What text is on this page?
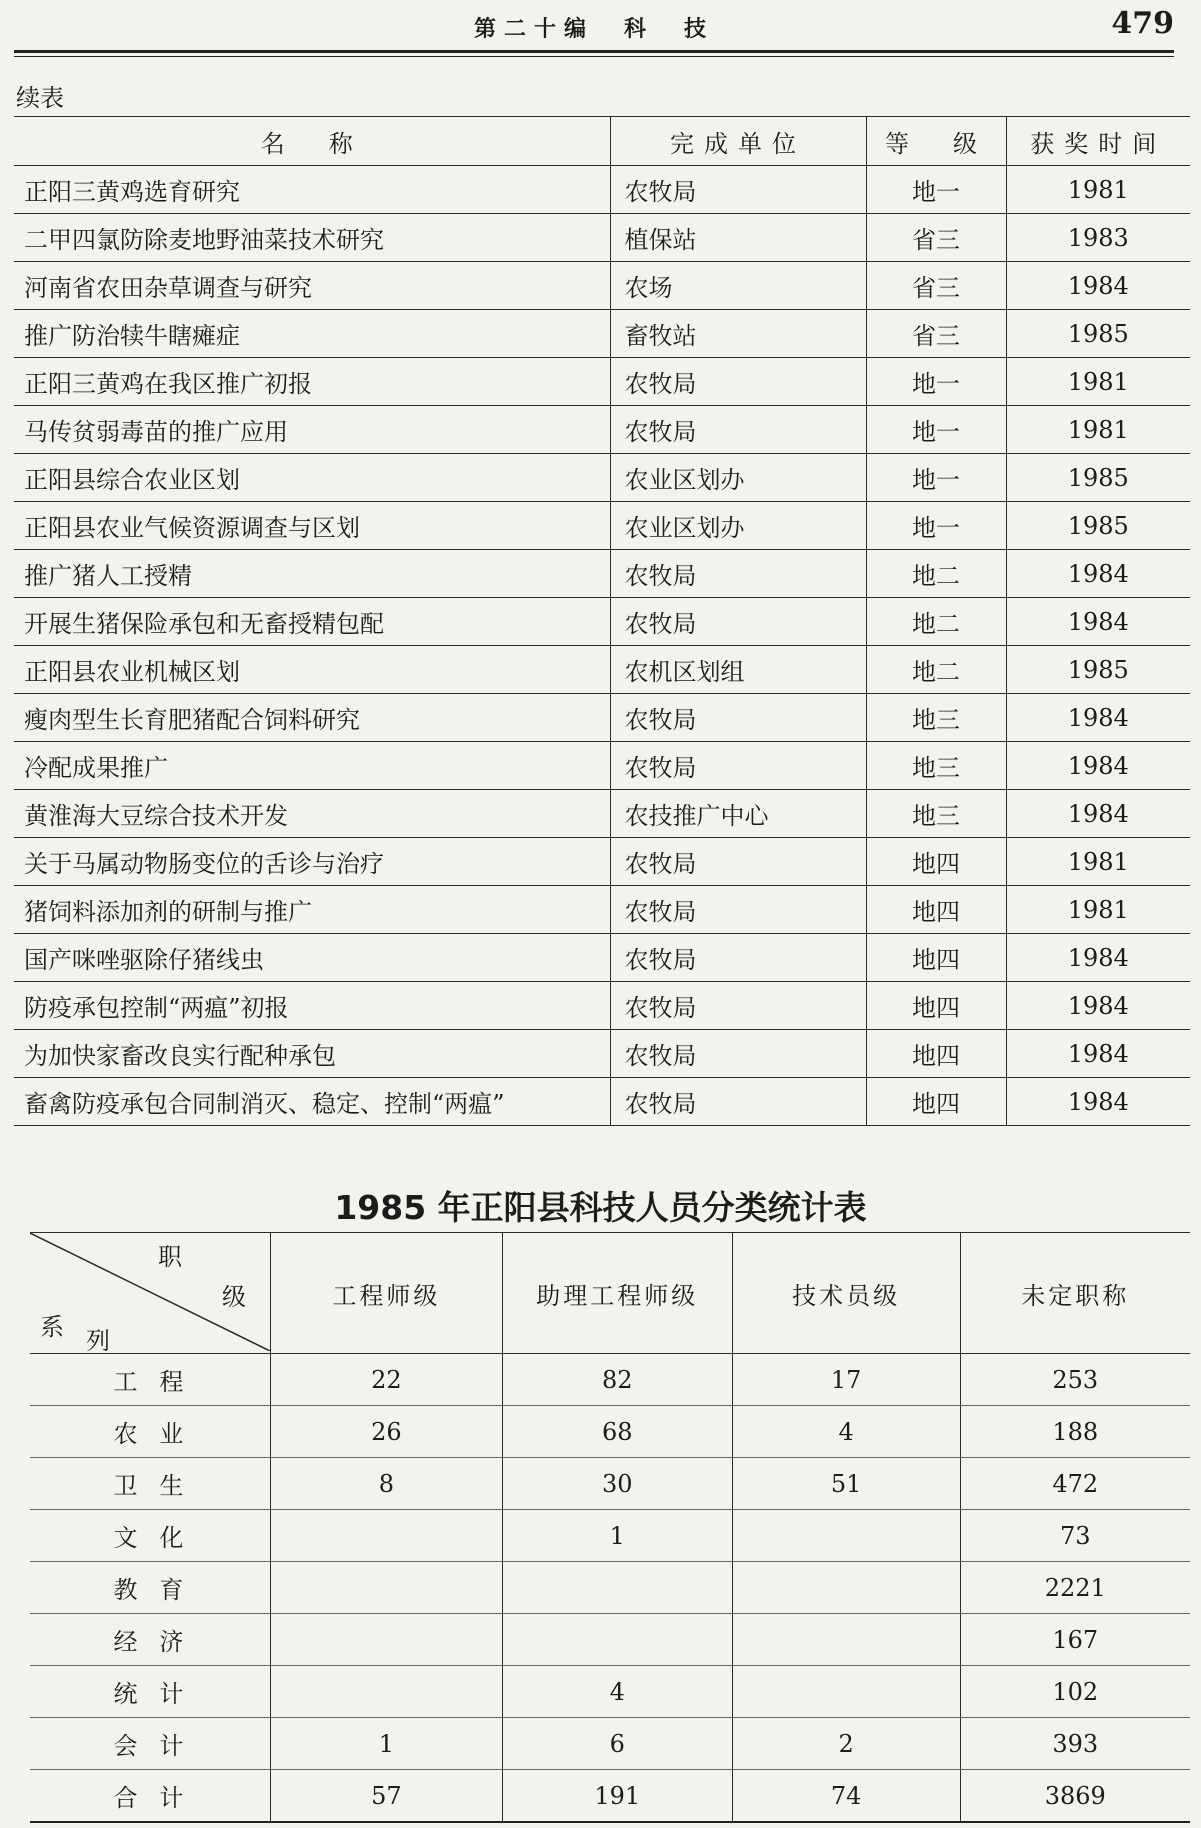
第二十编　科　技	479
续表
名　称	完成单位	等　级	获奖时间
正阳三黄鸡选育研究	农牧局	地一	1981
二甲四氯防除麦地野油菜技术研究	植保站	省三	1983
河南省农田杂草调查与研究	农场	省三	1984
推广防治犊牛瞎瘫症	畜牧站	省三	1985
正阳三黄鸡在我区推广初报	农牧局	地一	1981
马传贫弱毒苗的推广应用	农牧局	地一	1981
正阳县综合农业区划	农业区划办	地一	1985
正阳县农业气候资源调查与区划	农业区划办	地一	1985
推广猪人工授精	农牧局	地二	1984
开展生猪保险承包和无畜授精包配	农牧局	地二	1984
正阳县农业机械区划	农机区划组	地二	1985
瘦肉型生长育肥猪配合饲料研究	农牧局	地三	1984
冷配成果推广	农牧局	地三	1984
黄淮海大豆综合技术开发	农技推广中心	地三	1984
关于马属动物肠变位的舌诊与治疗	农牧局	地四	1981
猪饲料添加剂的研制与推广	农牧局	地四	1981
国产咪唑驱除仔猪线虫	农牧局	地四	1984
防疫承包控制“两瘟”初报	农牧局	地四	1984
为加快家畜改良实行配种承包	农牧局	地四	1984
畜禽防疫承包合同制消灭、稳定、控制“两瘟”	农牧局	地四	1984
1985 年正阳县科技人员分类统计表
职
级
系 列	工程师级	助理工程师级	技术员级	未定职称
工程	22	82	17	253
农业	26	68	4	188
卫生	8	30	51	472
文化		1		73
教育				2221
经济				167
统计		4		102
会计	1	6	2	393
合计	57	191	74	3869
